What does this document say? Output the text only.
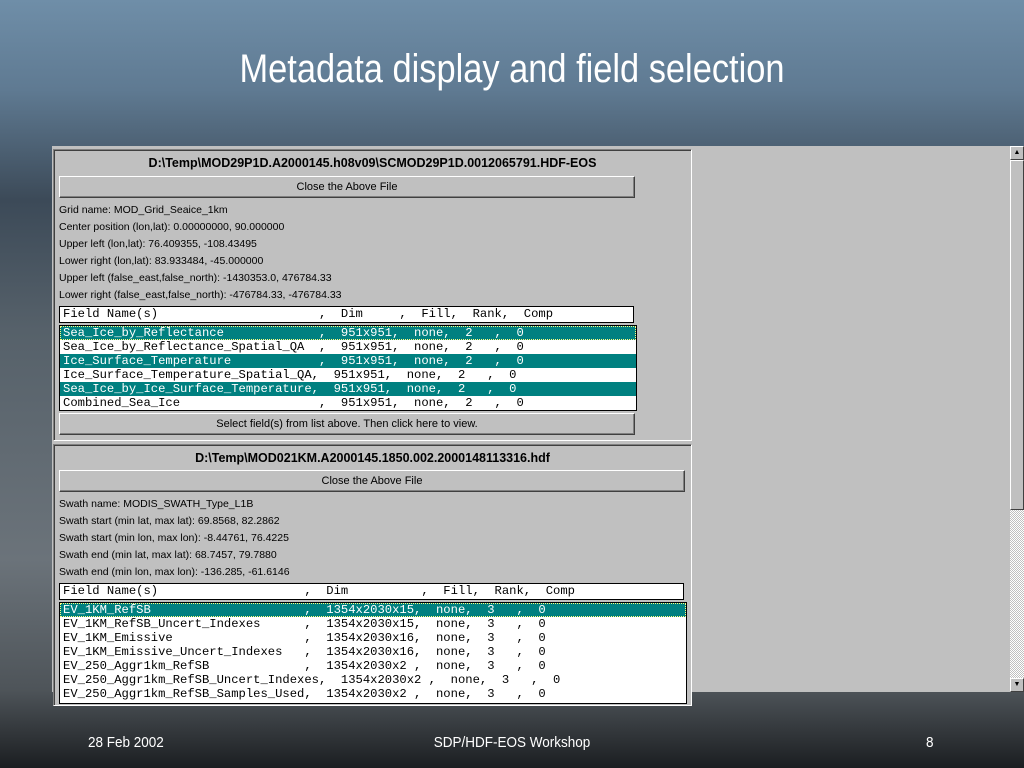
Metadata display and field selection
D:\Temp\MOD29P1D.A2000145.h08v09\SCMOD29P1D.0012065791.HDF-EOS
Close the Above File
Grid name: MOD_Grid_Seaice_1km
Center position (lon,lat): 0.00000000, 90.000000
Upper left (lon,lat): 76.409355, -108.43495
Lower right (lon,lat): 83.933484, -45.000000
Upper left (false_east,false_north): -1430353.0, 476784.33
Lower right (false_east,false_north): -476784.33, -476784.33
Field Name(s)                      ,  Dim     ,  Fill,  Rank,  Comp
Sea_Ice_by_Reflectance             ,  951x951,  none,  2   ,  0
Sea_Ice_by_Reflectance_Spatial_QA  ,  951x951,  none,  2   ,  0
Ice_Surface_Temperature            ,  951x951,  none,  2   ,  0
Ice_Surface_Temperature_Spatial_QA,  951x951,  none,  2   ,  0
Sea_Ice_by_Ice_Surface_Temperature,  951x951,  none,  2   ,  0
Combined_Sea_Ice                   ,  951x951,  none,  2   ,  0
Select field(s) from list above. Then click here to view.
D:\Temp\MOD021KM.A2000145.1850.002.2000148113316.hdf
Close the Above File
Swath name: MODIS_SWATH_Type_L1B
Swath start (min lat, max lat): 69.8568, 82.2862
Swath start (min lon, max lon): -8.44761, 76.4225
Swath end (min lat, max lat): 68.7457, 79.7880
Swath end (min lon, max lon): -136.285, -61.6146
Field Name(s)                    ,  Dim          ,  Fill,  Rank,  Comp
EV_1KM_RefSB                     ,  1354x2030x15,  none,  3   ,  0
EV_1KM_RefSB_Uncert_Indexes      ,  1354x2030x15,  none,  3   ,  0
EV_1KM_Emissive                  ,  1354x2030x16,  none,  3   ,  0
EV_1KM_Emissive_Uncert_Indexes   ,  1354x2030x16,  none,  3   ,  0
EV_250_Aggr1km_RefSB             ,  1354x2030x2 ,  none,  3   ,  0
EV_250_Aggr1km_RefSB_Uncert_Indexes,  1354x2030x2 ,  none,  3   ,  0
EV_250_Aggr1km_RefSB_Samples_Used,  1354x2030x2 ,  none,  3   ,  0
▲
▼
28 Feb 2002	SDP/HDF-EOS Workshop	8
